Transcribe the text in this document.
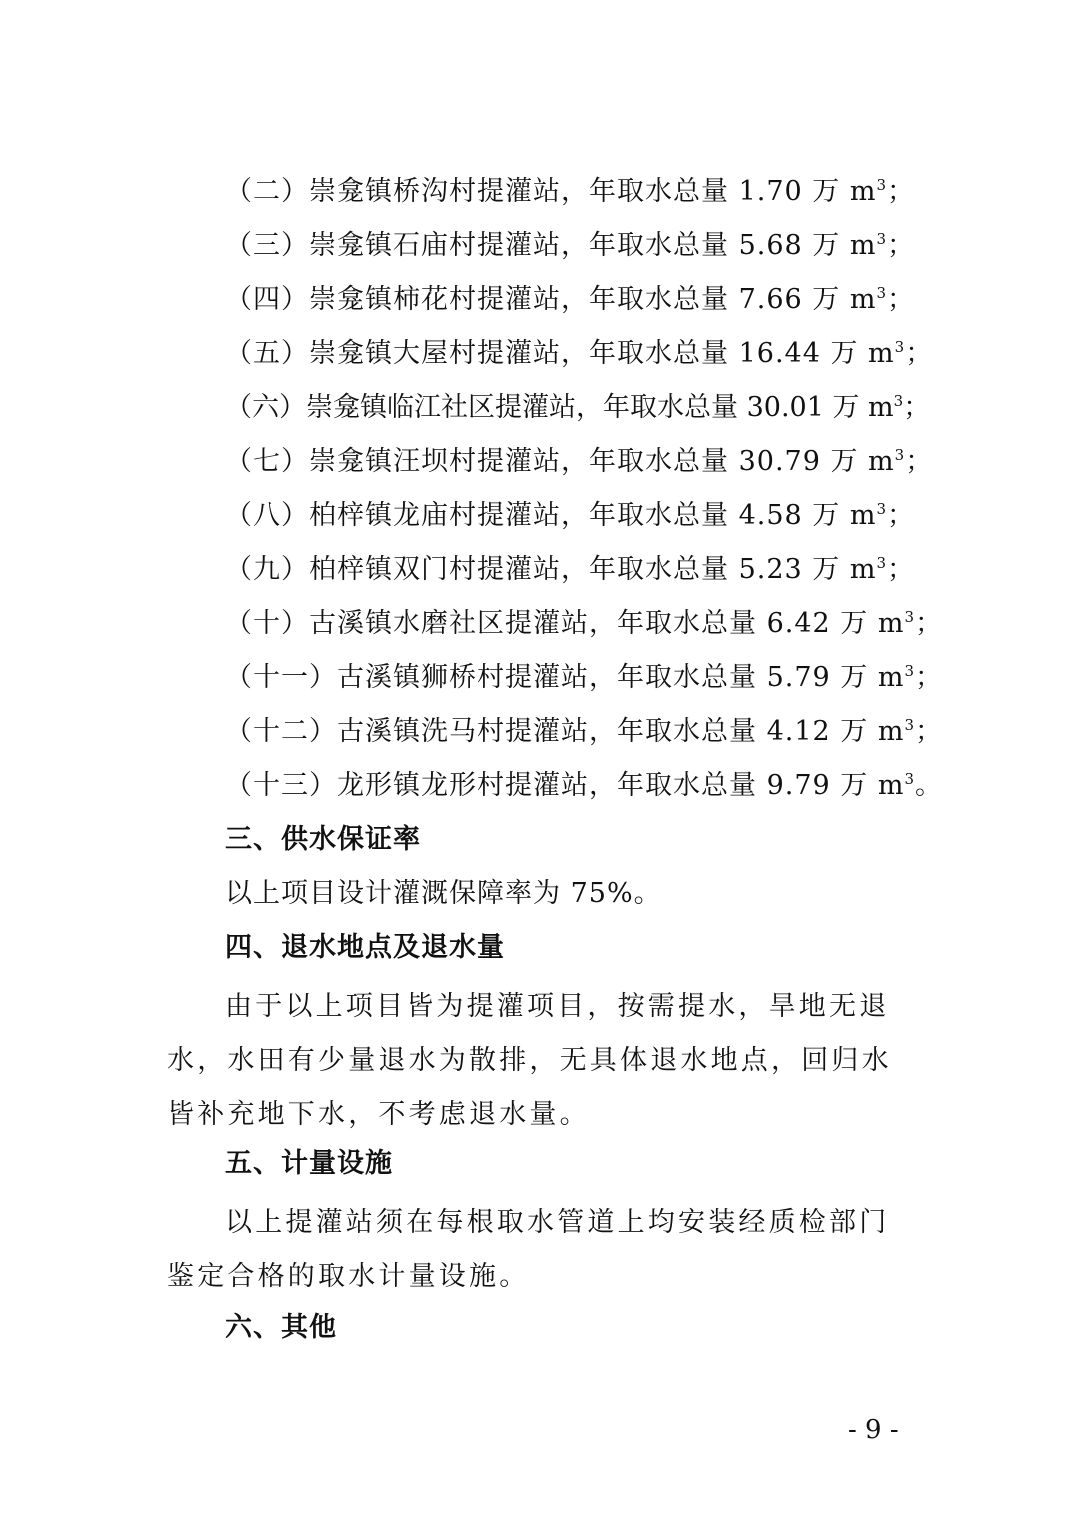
（二）崇龛镇桥沟村提灌站，年取水总量 1.70 万 $m^3$；
（三）崇龛镇石庙村提灌站，年取水总量 5.68 万 $m^3$；
（四）崇龛镇柿花村提灌站，年取水总量 7.66 万 $m^3$；
（五）崇龛镇大屋村提灌站，年取水总量 16.44 万 $m^3$；
（六）崇龛镇临江社区提灌站，年取水总量 30.01 万 $m^3$；
（七）崇龛镇汪坝村提灌站，年取水总量 30.79 万 $m^3$；
（八）柏梓镇龙庙村提灌站，年取水总量 4.58 万 $m^3$；
（九）柏梓镇双门村提灌站，年取水总量 5.23 万 $m^3$；
（十）古溪镇水磨社区提灌站，年取水总量 6.42 万 $m^3$；
（十一）古溪镇狮桥村提灌站，年取水总量 5.79 万 $m^3$；
（十二）古溪镇洗马村提灌站，年取水总量 4.12 万 $m^3$；
（十三）龙形镇龙形村提灌站，年取水总量 9.79 万 $m^3$。
三、供水保证率
以上项目设计灌溉保障率为 75%。
四、退水地点及退水量
由于以上项目皆为提灌项目，按需提水，旱地无退水，水田有少量退水为散排，无具体退水地点，回归水皆补充地下水，不考虑退水量。
五、计量设施
以上提灌站须在每根取水管道上均安装经质检部门鉴定合格的取水计量设施。
六、其他
- 9 -
